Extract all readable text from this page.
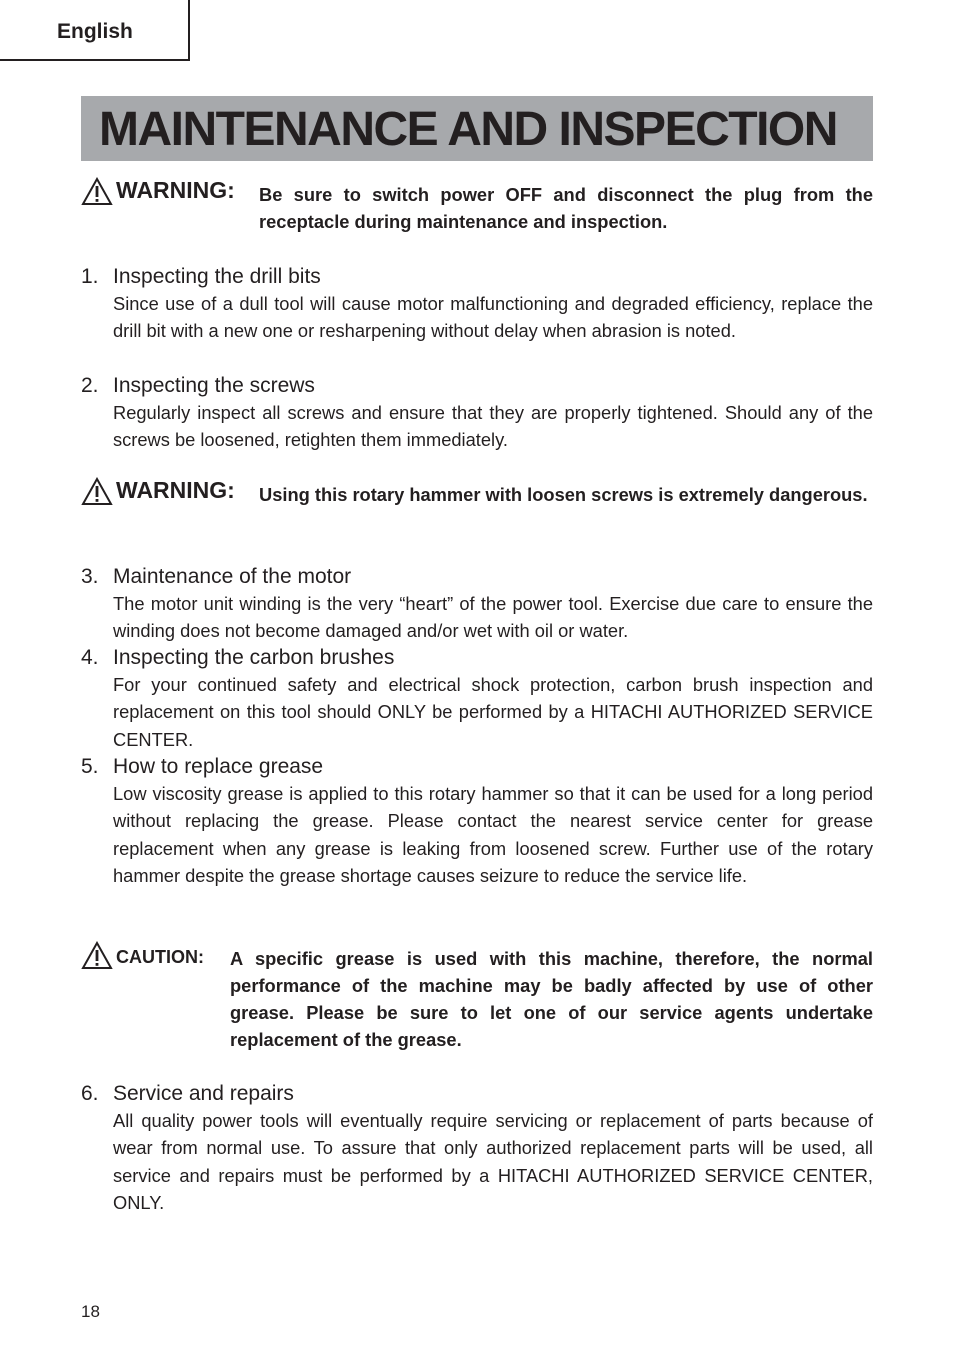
English
MAINTENANCE AND INSPECTION
WARNING: Be sure to switch power OFF and disconnect the plug from the receptacle during maintenance and inspection.
1. Inspecting the drill bits
Since use of a dull tool will cause motor malfunctioning and degraded efficiency, replace the drill bit with a new one or resharpening without delay when abrasion is noted.
2. Inspecting the screws
Regularly inspect all screws and ensure that they are properly tightened. Should any of the screws be loosened, retighten them immediately.
WARNING: Using this rotary hammer with loosen screws is extremely dangerous.
3. Maintenance of the motor
The motor unit winding is the very “heart” of the power tool. Exercise due care to ensure the winding does not become damaged and/or wet with oil or water.
4. Inspecting the carbon brushes
For your continued safety and electrical shock protection, carbon brush inspection and replacement on this tool should ONLY be performed by a HITACHI AUTHORIZED SERVICE CENTER.
5. How to replace grease
Low viscosity grease is applied to this rotary hammer so that it can be used for a long period without replacing the grease. Please contact the nearest service center for grease replacement when any grease is leaking from loosened screw. Further use of the rotary hammer despite the grease shortage causes seizure to reduce the service life.
CAUTION: A specific grease is used with this machine, therefore, the normal performance of the machine may be badly affected by use of other grease. Please be sure to let one of our service agents undertake replacement of the grease.
6. Service and repairs
All quality power tools will eventually require servicing or replacement of parts because of wear from normal use. To assure that only authorized replacement parts will be used, all service and repairs must be performed by a HITACHI AUTHORIZED SERVICE CENTER, ONLY.
18
